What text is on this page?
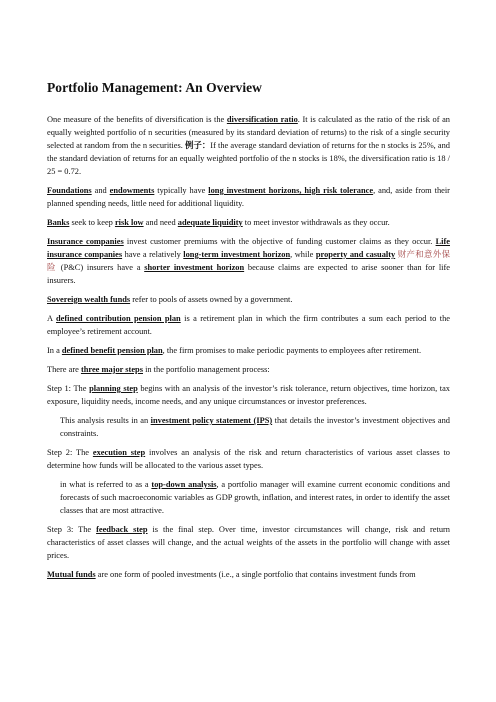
Portfolio Management: An Overview

One measure of the benefits of diversification is the diversification ratio. It is calculated as the ratio of the risk of an equally weighted portfolio of n securities (measured by its standard deviation of returns) to the risk of a single security selected at random from the n securities. 例子：If the average standard deviation of returns for the n stocks is 25%, and the standard deviation of returns for an equally weighted portfolio of the n stocks is 18%, the diversification ratio is 18 / 25 = 0.72.

Foundations and endowments typically have long investment horizons, high risk tolerance, and, aside from their planned spending needs, little need for additional liquidity.

Banks seek to keep risk low and need adequate liquidity to meet investor withdrawals as they occur.

Insurance companies invest customer premiums with the objective of funding customer claims as they occur. Life insurance companies have a relatively long-term investment horizon, while property and casualty 财产和意外保险 (P&C) insurers have a shorter investment horizon because claims are expected to arise sooner than for life insurers.

Sovereign wealth funds refer to pools of assets owned by a government.

A defined contribution pension plan is a retirement plan in which the firm contributes a sum each period to the employee’s retirement account.

In a defined benefit pension plan, the firm promises to make periodic payments to employees after retirement.

There are three major steps in the portfolio management process:

Step 1: The planning step begins with an analysis of the investor’s risk tolerance, return objectives, time horizon, tax exposure, liquidity needs, income needs, and any unique circumstances or investor preferences.

This analysis results in an investment policy statement (IPS) that details the investor’s investment objectives and constraints.

Step 2: The execution step involves an analysis of the risk and return characteristics of various asset classes to determine how funds will be allocated to the various asset types.

in what is referred to as a top-down analysis, a portfolio manager will examine current economic conditions and forecasts of such macroeconomic variables as GDP growth, inflation, and interest rates, in order to identify the asset classes that are most attractive.

Step 3: The feedback step is the final step. Over time, investor circumstances will change, risk and return characteristics of asset classes will change, and the actual weights of the assets in the portfolio will change with asset prices.

Mutual funds are one form of pooled investments (i.e., a single portfolio that contains investment funds from
